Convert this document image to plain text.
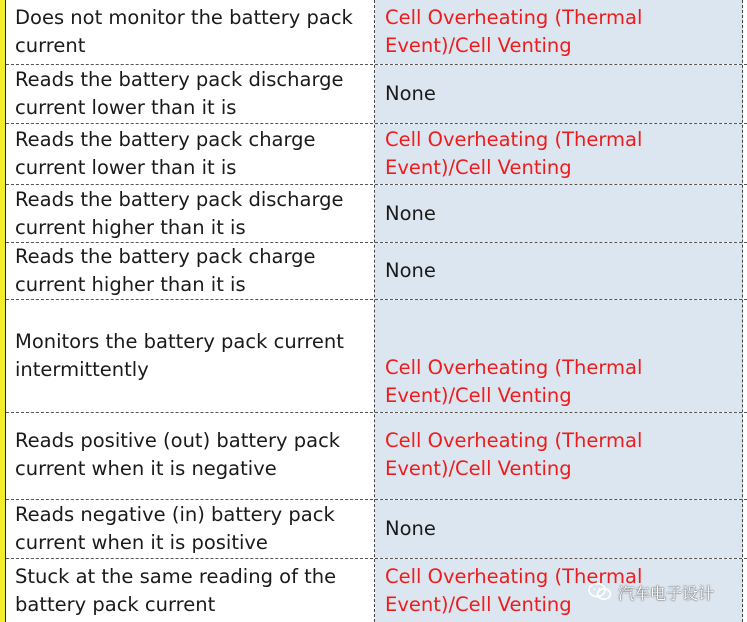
Does not monitor the battery pack
current
Cell Overheating (Thermal
Event)/Cell Venting
Reads the battery pack discharge
current lower than it is
None
Reads the battery pack charge
current lower than it is
Cell Overheating (Thermal
Event)/Cell Venting
Reads the battery pack discharge
current higher than it is
None
Reads the battery pack charge
current higher than it is
None
Monitors the battery pack current
intermittently	Cell Overheating (Thermal
Event)/Cell Venting
Reads positive (out) battery pack
current when it is negative
Cell Overheating (Thermal
Event)/Cell Venting
Reads negative (in) battery pack
current when it is positive
None
Stuck at the same reading of the
battery pack current
Cell Overheating (Thermal
Event)/Cell Venting	汽车电子设计
